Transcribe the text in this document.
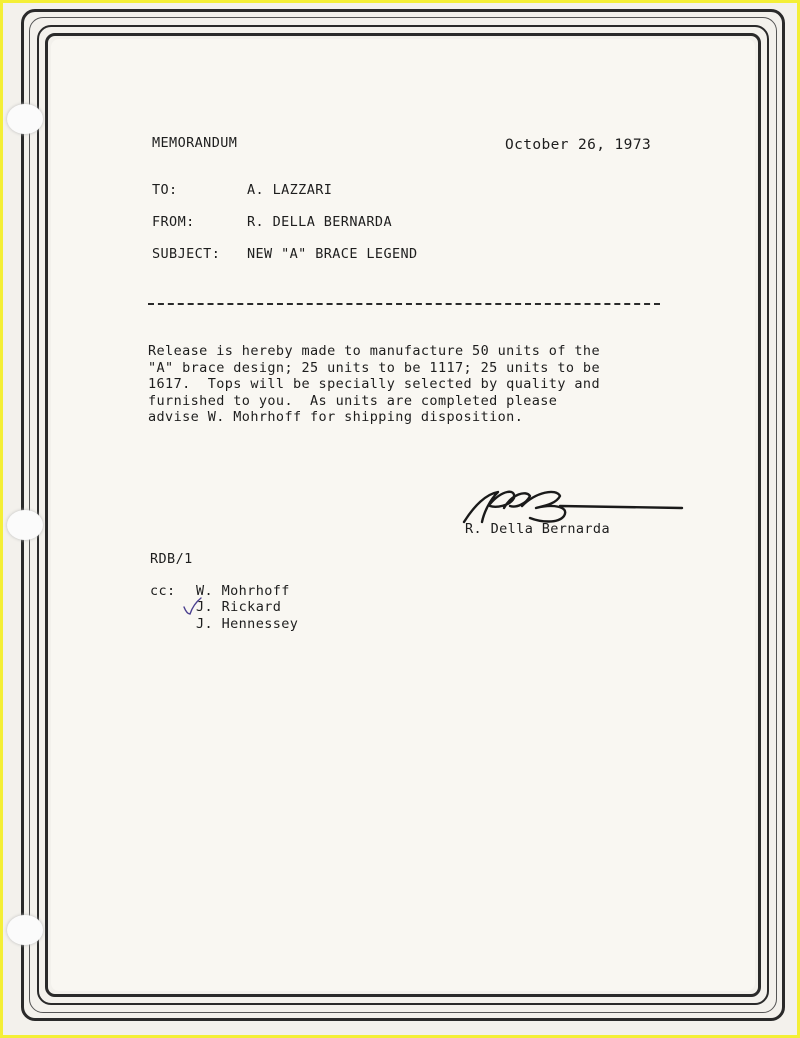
MEMORANDUM	October 26, 1973
TO:	A. LAZZARI
FROM:	R. DELLA BERNARDA
SUBJECT: NEW "A" BRACE LEGEND
Release is hereby made to manufacture 50 units of the
"A" brace design; 25 units to be 1117; 25 units to be
1617.  Tops will be specially selected by quality and
furnished to you.  As units are completed please
advise W. Mohrhoff for shipping disposition.
R. Della Bernarda
RDB/1
cc: W. Mohrhoff
J. Rickard
J. Hennessey
